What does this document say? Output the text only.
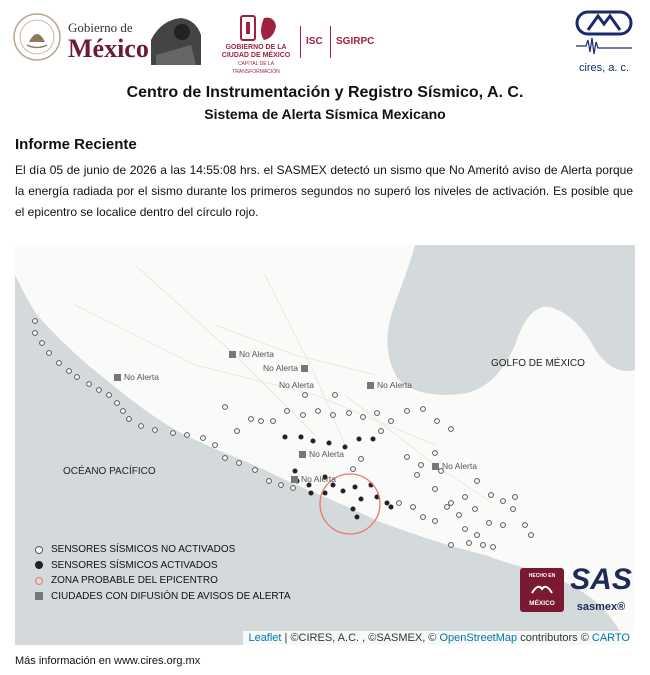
Gobierno de
México	GOBIERNO DE LA
CIUDAD DE MÉXICO
CAPITAL DE LA TRANSFORMACIÓN
ISC SGIRPC
cires, a. c.
Centro de Instrumentación y Registro Sísmico, A. C.
Sistema de Alerta Sísmica Mexicano
Informe Reciente
El día 05 de junio de 2026 a las 14:55:08 hrs. el SASMEX detectó un sismo que No Ameritó aviso de Alerta porque la energía radiada por el sismo durante los primeros segundos no superó los niveles de activación. Es posible que el epicentro se localice dentro del círculo rojo.
GOLFO DE MÉXICO
OCÉANO PACÍFICO
No Alerta
No Alerta
No Alerta
No Alerta	No Alerta
No Alerta
No Alerta
No Alerta
SENSORES SÍSMICOS NO ACTIVADOS
SENSORES SÍSMICOS ACTIVADOS
ZONA PROBABLE DEL EPICENTRO
CIUDADES CON DIFUSIÓN DE AVISOS DE ALERTA
HECHO EN
MÉXICO
SAS
sasmex®
Leaflet | ©CIRES, A.C. , ©SASMEX, © OpenStreetMap contributors © CARTO
Más información en www.cires.org.mx
